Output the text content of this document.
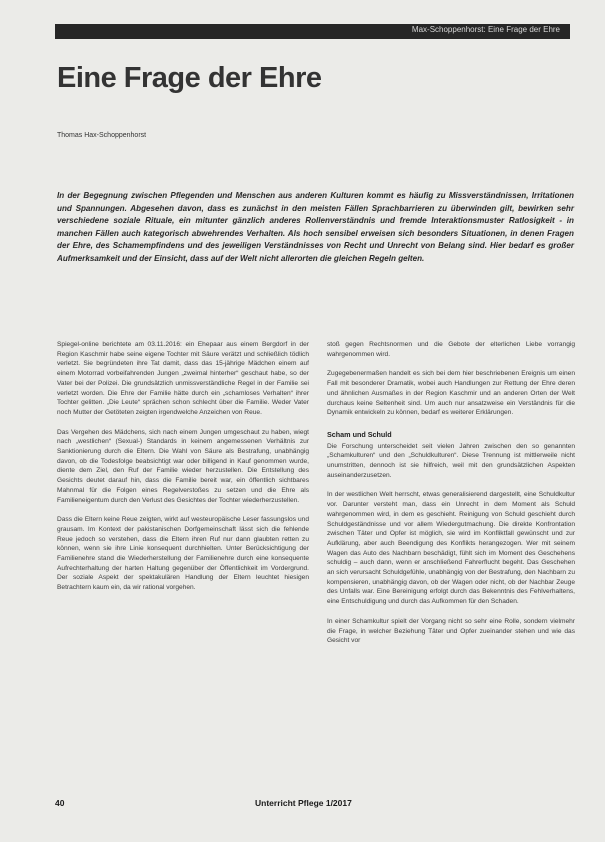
Max-Schoppenhorst: Eine Frage der Ehre
Eine Frage der Ehre
Thomas Hax-Schoppenhorst
In der Begegnung zwischen Pflegenden und Menschen aus anderen Kulturen kommt es häufig zu Missverständnissen, Irritationen und Spannungen. Abgesehen davon, dass es zunächst in den meisten Fällen Sprachbarrieren zu überwinden gilt, bewirken sehr verschiedene soziale Rituale, ein mitunter gänzlich anderes Rollenverständnis und fremde Interaktionsmuster Ratlosigkeit - in manchen Fällen auch kategorisch abwehrendes Verhalten. Als hoch sensibel erweisen sich besonders Situationen, in denen Fragen der Ehre, des Schamempfindens und des jeweiligen Verständnisses von Recht und Unrecht von Belang sind. Hier bedarf es großer Aufmerksamkeit und der Einsicht, dass auf der Welt nicht allerorten die gleichen Regeln gelten.

Spiegel-online berichtete am 03.11.2016: ein Ehepaar aus einem Bergdorf in der Region Kaschmir habe seine eigene Tochter mit Säure verätzt und schließlich tödlich verletzt. Sie begründeten ihre Tat damit, dass das 15-jährige Mädchen einem auf einem Motorrad vorbeifahrenden Jungen „zweimal hinterher“ geschaut habe, so der Vater bei der Polizei. Die grundsätzlich unmissverständliche Regel in der Familie sei verletzt worden. Die Ehre der Familie hätte durch ein „schamloses Verhalten“ ihrer Tochter gelitten. „Die Leute“ sprächen schon schlecht über die Familie. Weder Vater noch Mutter der Getöteten zeigten irgendwelche Anzeichen von Reue.

Das Vergehen des Mädchens, sich nach einem Jungen umgeschaut zu haben, wiegt nach „westlichen“ (Sexual-) Standards in keinem angemessenen Verhältnis zur Sanktionierung durch die Eltern. Die Wahl von Säure als Bestrafung, unabhängig davon, ob die Todesfolge beabsichtigt war oder billigend in Kauf genommen wurde, diente dem Ziel, den Ruf der Familie wieder herzustellen. Die Entstellung des Gesichts deutet darauf hin, dass die Familie bereit war, ein öffentlich sichtbares Mahnmal für die Folgen eines Regelverstoßes zu setzen und die Ehre als Familieneigentum durch den Verlust des Gesichtes der Tochter wiederherzustellen.

Dass die Eltern keine Reue zeigten, wirkt auf westeuropäische Leser fassungslos und grausam. Im Kontext der pakistanischen Dorfgemeinschaft lässt sich die fehlende Reue jedoch so verstehen, dass die Eltern ihren Ruf nur dann glaubten retten zu können, wenn sie ihre Linie konsequent durchhielten. Unter Berücksichtigung der Familienehre stand die Wiederherstellung der Familienehre durch eine konsequente Aufrechterhaltung der harten Haltung gegenüber der Öffentlichkeit im Vordergrund. Der soziale Aspekt der spektakulären Handlung der Eltern leuchtet hiesigen Betrachtern kaum ein, da wir rational vorgehen.

stoß gegen Rechtsnormen und die Gebote der elterlichen Liebe vorrangig wahrgenommen wird.

Zugegebenermaßen handelt es sich bei dem hier beschriebenen Ereignis um einen Fall mit besonderer Dramatik, wobei auch Handlungen zur Rettung der Ehre deren und ähnlichen Ausmaßes in der Region Kaschmir und an anderen Orten der Welt durchaus keine Seltenheit sind. Um auch nur ansatzweise ein Verständnis für die Dynamik entwickeln zu können, bedarf es weiterer Erklärungen.

Scham und Schuld

Die Forschung unterscheidet seit vielen Jahren zwischen den so genannten „Schamkulturen“ und den „Schuldkulturen“. Diese Trennung ist mittlerweile nicht unumstritten, dennoch ist sie hilfreich, weil mit den grundsätzlichen Aspekten auseinanderzusetzen.

In der westlichen Welt herrscht, etwas generalisierend dargestellt, eine Schuldkultur vor. Darunter versteht man, dass ein Unrecht in dem Moment als Schuld wahrgenommen wird, in dem es geschieht. Reinigung von Schuld geschieht durch Schuldgeständnisse und vor allem Wiedergutmachung. Die direkte Konfrontation zwischen Täter und Opfer ist möglich, sie wird im Konfliktfall gewünscht und zur Aufklärung, aber auch Beendigung des Konflikts herangezogen. Wer mit seinem Wagen das Auto des Nachbarn beschädigt, fühlt sich im Moment des Geschehens schuldig – auch dann, wenn er anschließend Fahrerflucht begeht. Das Geschehen an sich verursacht Schuldgefühle, unabhängig von der Bestrafung, den Nachbarn zu kompensieren, unabhängig davon, ob der Wagen oder nicht, ob der Nachbar Zeuge des Unfalls war. Eine Bereinigung erfolgt durch das Bekenntnis des Fehlverhaltens, eine Entschuldigung und durch das Aufkommen für den Schaden.

In einer Schamkultur spielt der Vorgang nicht so sehr eine Rolle, sondern vielmehr die Frage, in welcher Beziehung Täter und Opfer zueinander stehen und wie das Gesicht vor

40	Unterricht Pflege 1/2017
